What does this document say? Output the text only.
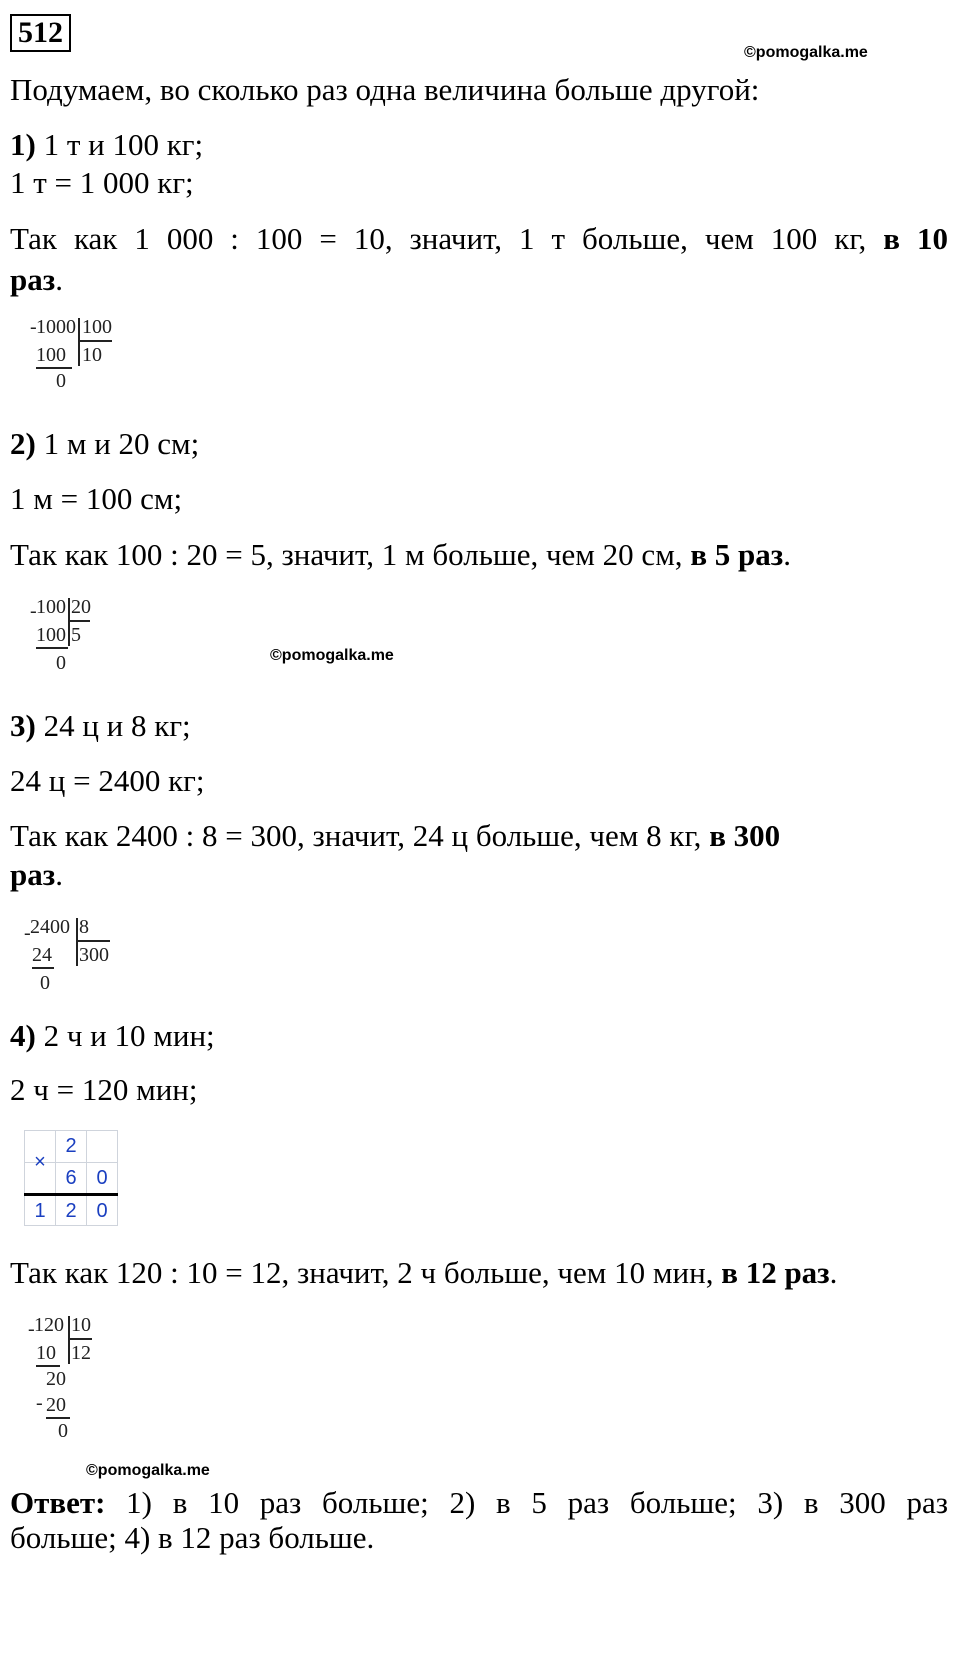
512
©pomogalka.me
Подумаем, во сколько раз одна величина больше другой:
1) 1 т и 100 кг;
1 т = 1 000 кг;
Так как 1 000 : 100 = 10, значит, 1 т больше, чем 100 кг, в 10
раз.
- 1000 100
100 10
0
2) 1 м и 20 см;
1 м = 100 см;
Так как 100 : 20 = 5, значит, 1 м больше, чем 20 см, в 5 раз.
- 100 20
100 5
0	©pomogalka.me
3) 24 ц и 8 кг;
24 ц = 2400 кг;
Так как 2400 : 8 = 300, значит, 24 ц больше, чем 8 кг, в 300
раз.
- 2400 8
24 300
0
4) 2 ч и 10 мин;
2 ч = 120 мин;
×
2
6 0
1 2 0
Так как 120 : 10 = 12, значит, 2 ч больше, чем 10 мин, в 12 раз.
- 120 10
10 12
20
- 20
0
©pomogalka.me
Ответ: 1) в 10 раз больше; 2) в 5 раз больше; 3) в 300 раз
больше; 4) в 12 раз больше.
